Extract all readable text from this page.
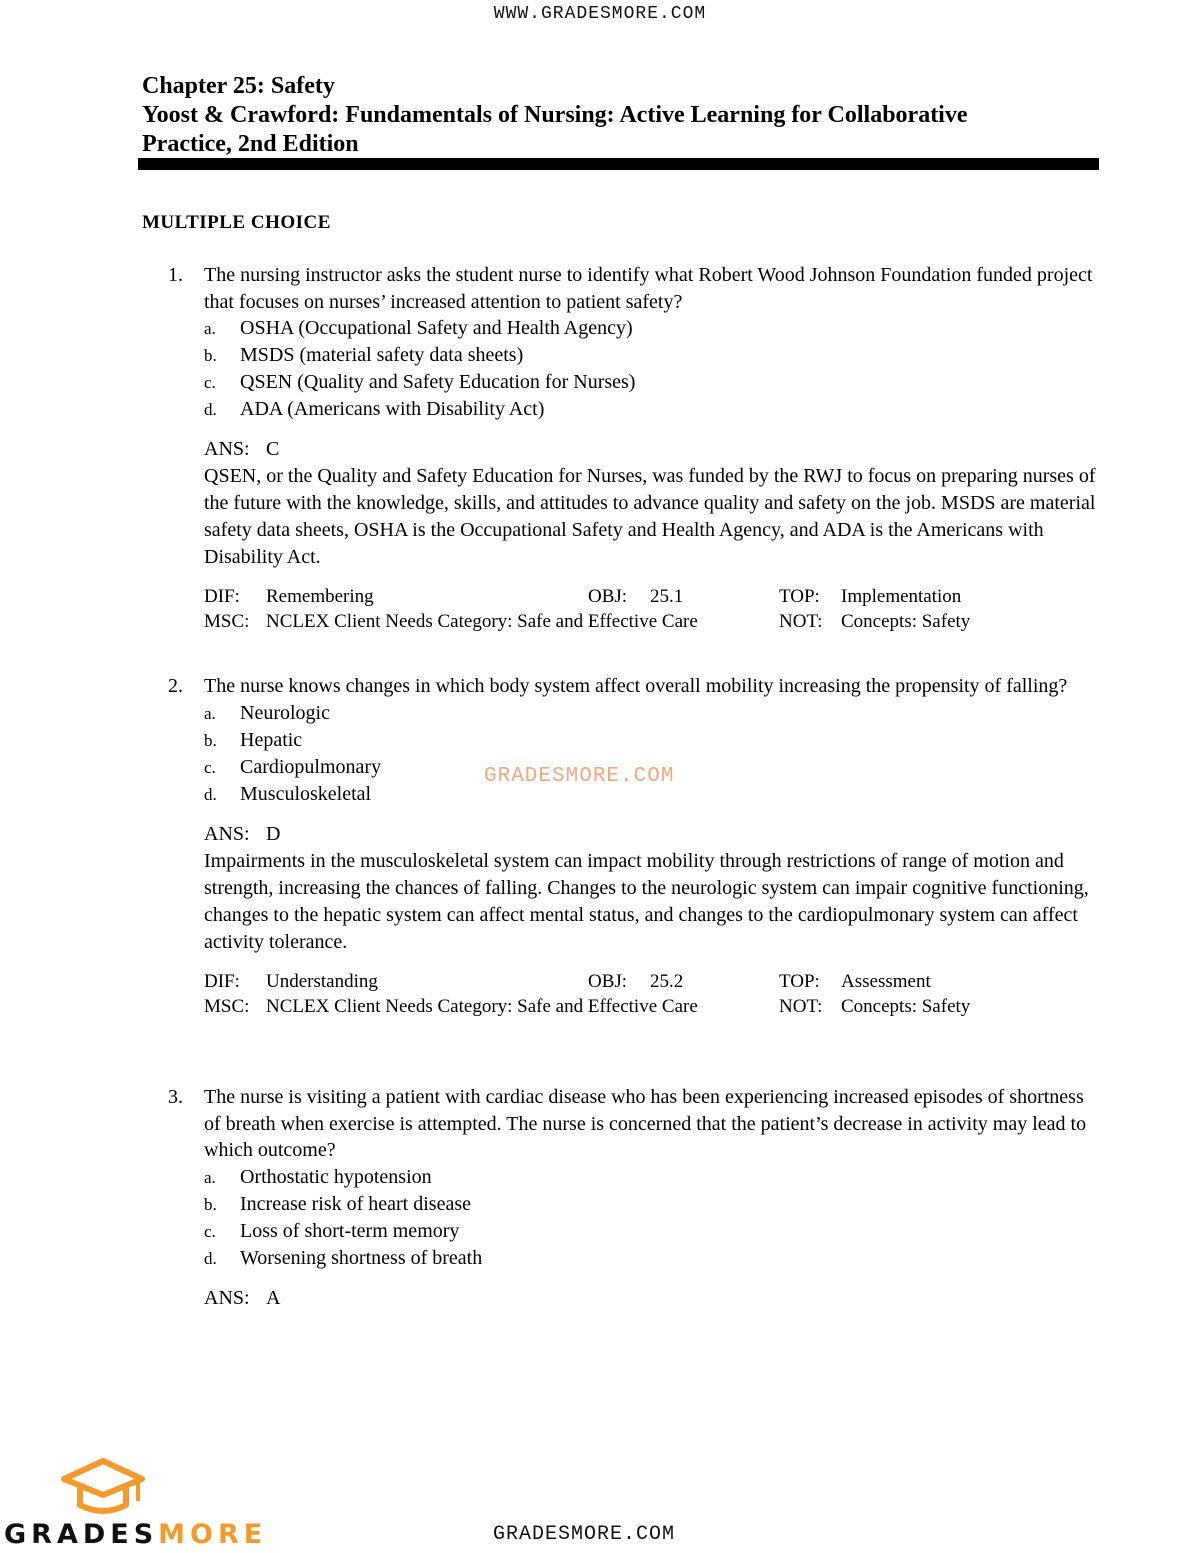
WWW.GRADESMORE.COM
Chapter 25: Safety
Yoost & Crawford: Fundamentals of Nursing: Active Learning for Collaborative
Practice, 2nd Edition
MULTIPLE CHOICE
1.	The nursing instructor asks the student nurse to identify what Robert Wood Johnson Foundation funded project that focuses on nurses’ increased attention to patient safety?
a.	OSHA (Occupational Safety and Health Agency)
b.	MSDS (material safety data sheets)
c.	QSEN (Quality and Safety Education for Nurses)
d.	ADA (Americans with Disability Act)
ANS: C
QSEN, or the Quality and Safety Education for Nurses, was funded by the RWJ to focus on preparing nurses of the future with the knowledge, skills, and attitudes to advance quality and safety on the job. MSDS are material safety data sheets, OSHA is the Occupational Safety and Health Agency, and ADA is the Americans with Disability Act.
DIF: Remembering	OBJ: 25.1	TOP: Implementation
MSC: NCLEX Client Needs Category: Safe and Effective Care	NOT: Concepts: Safety
2.	The nurse knows changes in which body system affect overall mobility increasing the propensity of falling?
a.	Neurologic
b.	Hepatic
c.	Cardiopulmonary
d.	Musculoskeletal
ANS: D
Impairments in the musculoskeletal system can impact mobility through restrictions of range of motion and strength, increasing the chances of falling. Changes to the neurologic system can impair cognitive functioning, changes to the hepatic system can affect mental status, and changes to the cardiopulmonary system can affect activity tolerance.
DIF: Understanding	OBJ: 25.2	TOP: Assessment
MSC: NCLEX Client Needs Category: Safe and Effective Care	NOT: Concepts: Safety
3.	The nurse is visiting a patient with cardiac disease who has been experiencing increased episodes of shortness of breath when exercise is attempted. The nurse is concerned that the patient’s decrease in activity may lead to which outcome?
a.	Orthostatic hypotension
b.	Increase risk of heart disease
c.	Loss of short-term memory
d.	Worsening shortness of breath
ANS: A
GRADESMORE.COM
GRADESMORE	GRADESMORE.COM
